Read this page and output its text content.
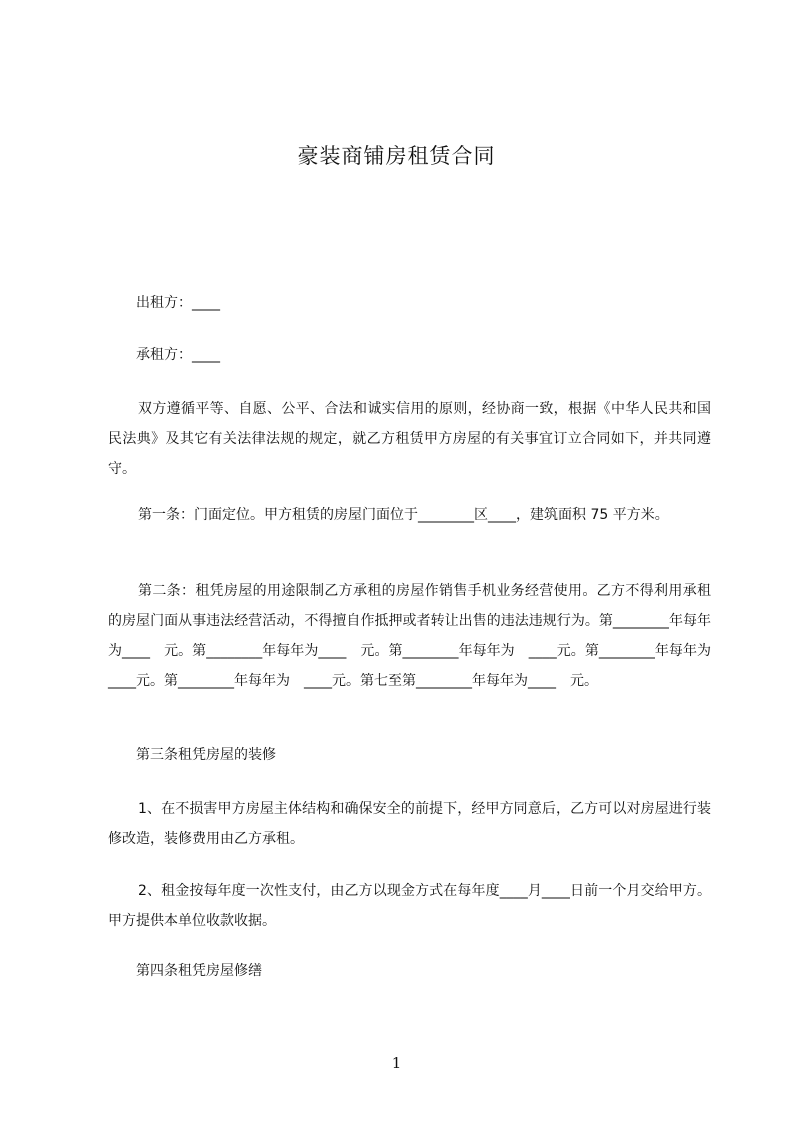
豪装商铺房租赁合同
出租方：____
承租方：____
双方遵循平等、自愿、公平、合法和诚实信用的原则，经协商一致，根据《中华人民共和国民法典》及其它有关法律法规的规定，就乙方租赁甲方房屋的有关事宜订立合同如下，并共同遵守。
第一条：门面定位。甲方租赁的房屋门面位于________区____，建筑面积 75 平方米。
第二条：租凭房屋的用途限制乙方承租的房屋作销售手机业务经营使用。乙方不得利用承租的房屋门面从事违法经营活动，不得擅自作抵押或者转让出售的违法违规行为。第________年每年为____　元。第________年每年为____　元。第________年每年为　____元。第________年每年为　____元。第________年每年为　____元。第七至第________年每年为____　元。
第三条租凭房屋的装修
1、在不损害甲方房屋主体结构和确保安全的前提下，经甲方同意后，乙方可以对房屋进行装修改造，装修费用由乙方承租。
2、租金按每年度一次性支付，由乙方以现金方式在每年度____月____日前一个月交给甲方。甲方提供本单位收款收据。
第四条租凭房屋修缮
1
